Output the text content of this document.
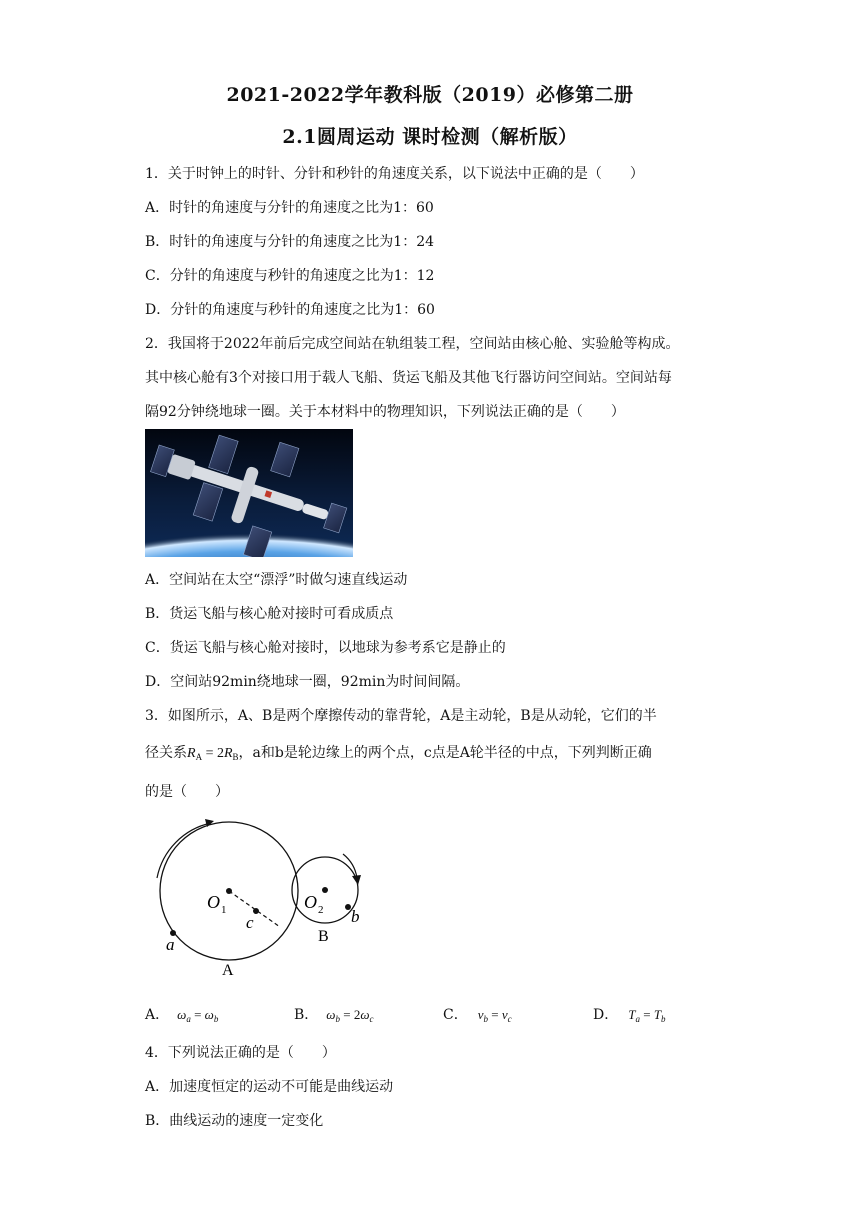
2021-2022学年教科版（2019）必修第二册
2.1圆周运动 课时检测（解析版）
1．关于时钟上的时针、分针和秒针的角速度关系，以下说法中正确的是（　　）
A．时针的角速度与分针的角速度之比为1：60
B．时针的角速度与分针的角速度之比为1：24
C．分针的角速度与秒针的角速度之比为1：12
D．分针的角速度与秒针的角速度之比为1：60
2．我国将于2022年前后完成空间站在轨组装工程，空间站由核心舱、实验舱等构成。
其中核心舱有3个对接口用于载人飞船、货运飞船及其他飞行器访问空间站。空间站每
隔92分钟绕地球一圈。关于本材料中的物理知识，下列说法正确的是（　　）
A．空间站在太空“漂浮”时做匀速直线运动
B．货运飞船与核心舱对接时可看成质点
C．货运飞船与核心舱对接时，以地球为参考系它是静止的
D．空间站92min绕地球一圈，92min为时间间隔。
3．如图所示，A、B是两个摩擦传动的靠背轮，A是主动轮，B是从动轮，它们的半
径关系$R_A = 2R_B$，a和b是轮边缘上的两个点，c点是A轮半径的中点，下列判断正确
的是（　　）
O 1	O 2
c
a
b
B
A
A． $\omega_a = \omega_b$	B． $\omega_b = 2\omega_c$	C． $v_b = v_c$	D． $T_a = T_b$
4．下列说法正确的是（　　）
A．加速度恒定的运动不可能是曲线运动
B．曲线运动的速度一定变化
